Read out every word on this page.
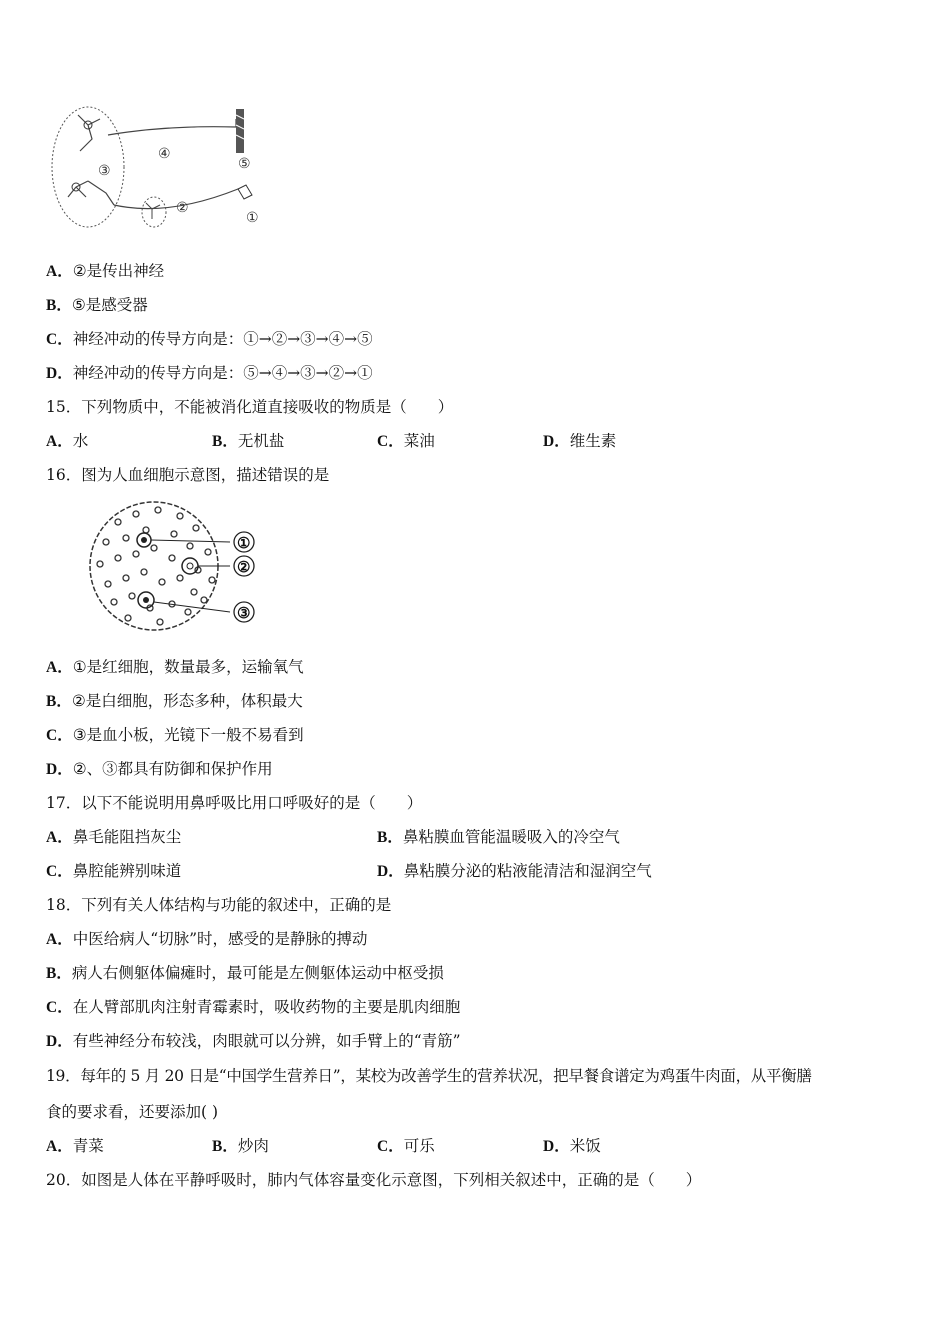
⑤
④
③
②
①
A．②是传出神经
B．⑤是感受器
C．神经冲动的传导方向是：①→②→③→④→⑤
D．神经冲动的传导方向是：⑤→④→③→②→①
15．下列物质中，不能被消化道直接吸收的物质是（　　）
A．水	B．无机盐	C．菜油	D．维生素
16．图为人血细胞示意图，描述错误的是
①
②
③
A．①是红细胞，数量最多，运输氧气
B．②是白细胞，形态多种，体积最大
C．③是血小板，光镜下一般不易看到
D．②、③都具有防御和保护作用
17．以下不能说明用鼻呼吸比用口呼吸好的是（　　）
A．鼻毛能阻挡灰尘	B．鼻粘膜血管能温暖吸入的冷空气
C．鼻腔能辨别味道	D．鼻粘膜分泌的粘液能清洁和湿润空气
18．下列有关人体结构与功能的叙述中，正确的是
A．中医给病人“切脉”时，感受的是静脉的搏动
B．病人右侧躯体偏瘫时，最可能是左侧躯体运动中枢受损
C．在人臂部肌肉注射青霉素时，吸收药物的主要是肌肉细胞
D．有些神经分布较浅，肉眼就可以分辨，如手臂上的“青筋”
19．每年的 5 月 20 日是“中国学生营养日”，某校为改善学生的营养状况，把早餐食谱定为鸡蛋牛肉面，从平衡膳
食的要求看，还要添加( )
A．青菜	B．炒肉	C．可乐	D．米饭
20．如图是人体在平静呼吸时，肺内气体容量变化示意图，下列相关叙述中，正确的是（　　）
